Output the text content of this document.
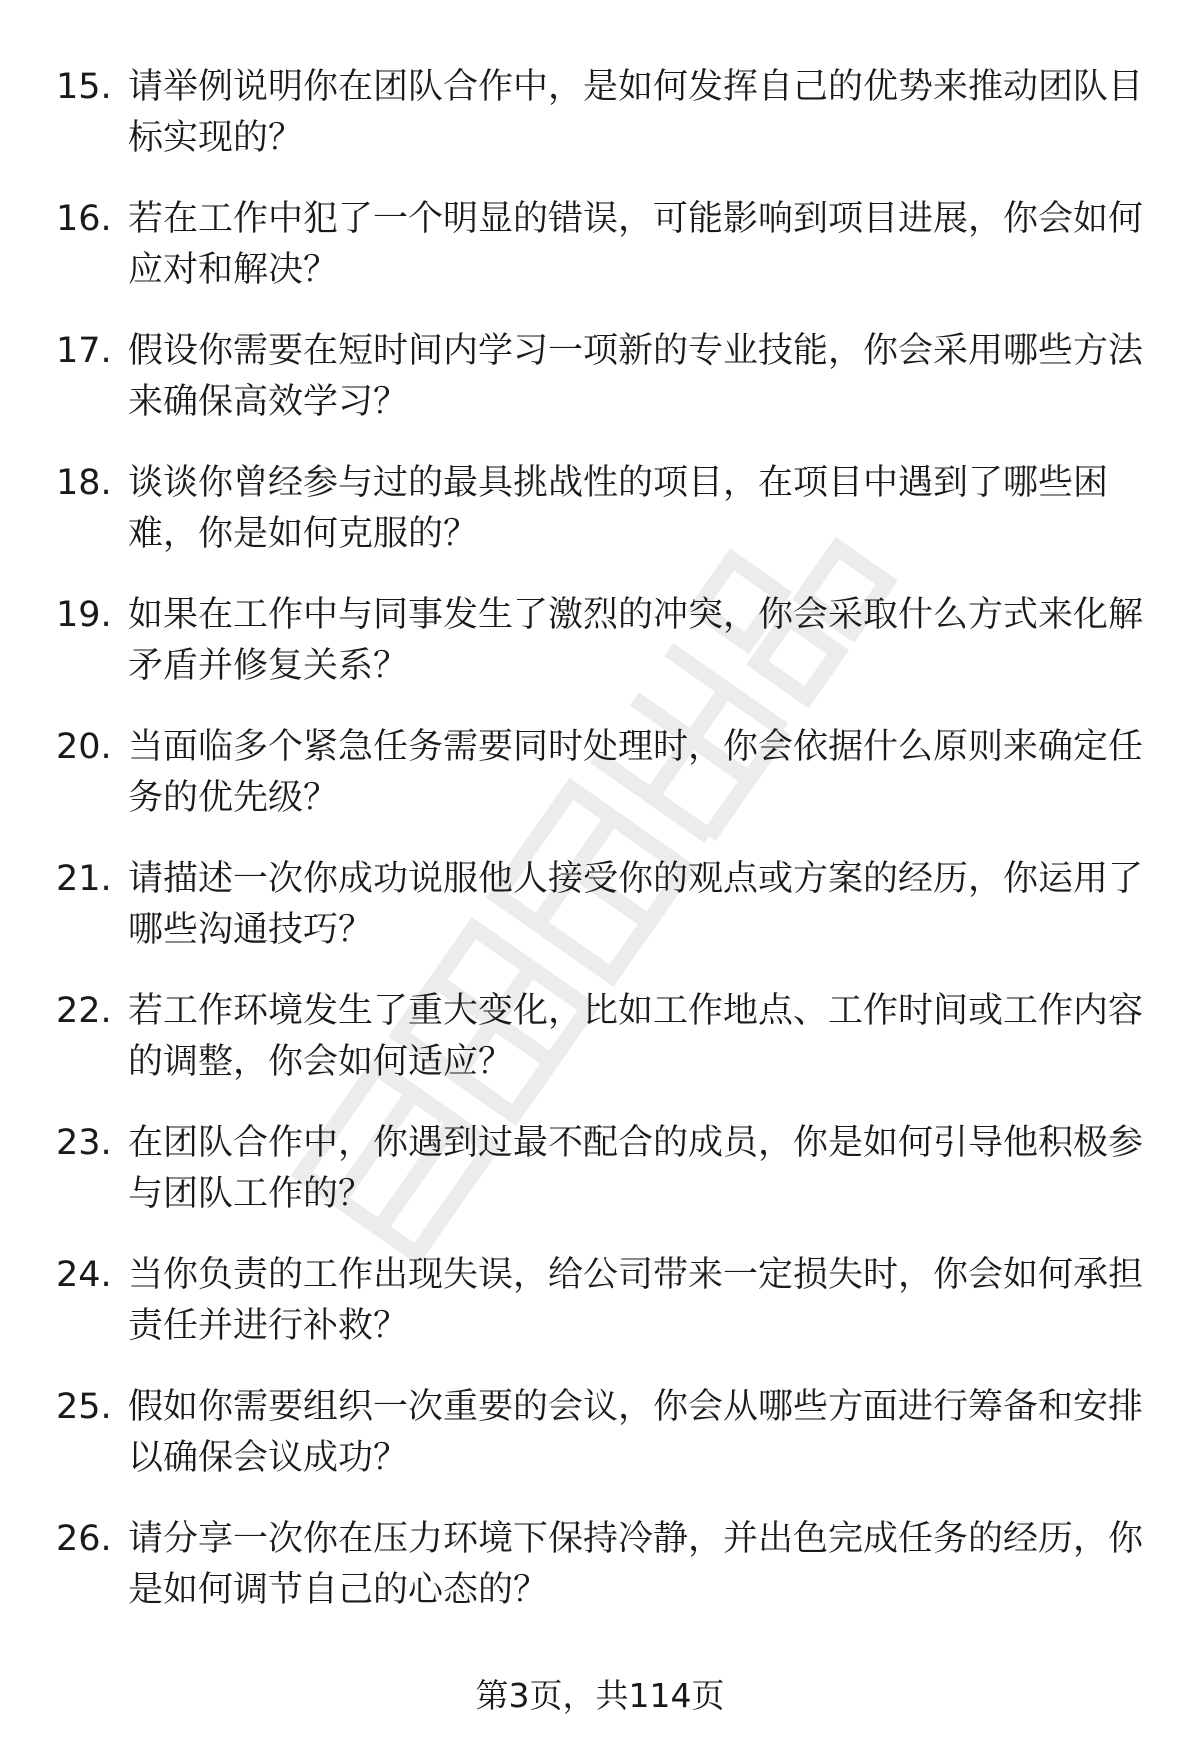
15. 请举例说明你在团队合作中，是如何发挥自己的优势来推动团队目标实现的？
16. 若在工作中犯了一个明显的错误，可能影响到项目进展，你会如何应对和解决？
17. 假设你需要在短时间内学习一项新的专业技能，你会采用哪些方法来确保高效学习？
18. 谈谈你曾经参与过的最具挑战性的项目，在项目中遇到了哪些困难，你是如何克服的？
19. 如果在工作中与同事发生了激烈的冲突，你会采取什么方式来化解矛盾并修复关系？
20. 当面临多个紧急任务需要同时处理时，你会依据什么原则来确定任务的优先级？
21. 请描述一次你成功说服他人接受你的观点或方案的经历，你运用了哪些沟通技巧？
22. 若工作环境发生了重大变化，比如工作地点、工作时间或工作内容的调整，你会如何适应？
23. 在团队合作中，你遇到过最不配合的成员，你是如何引导他积极参与团队工作的？
24. 当你负责的工作出现失误，给公司带来一定损失时，你会如何承担责任并进行补救？
25. 假如你需要组织一次重要的会议，你会从哪些方面进行筹备和安排以确保会议成功？
26. 请分享一次你在压力环境下保持冷静，并出色完成任务的经历，你是如何调节自己的心态的？
第3页，共114页
